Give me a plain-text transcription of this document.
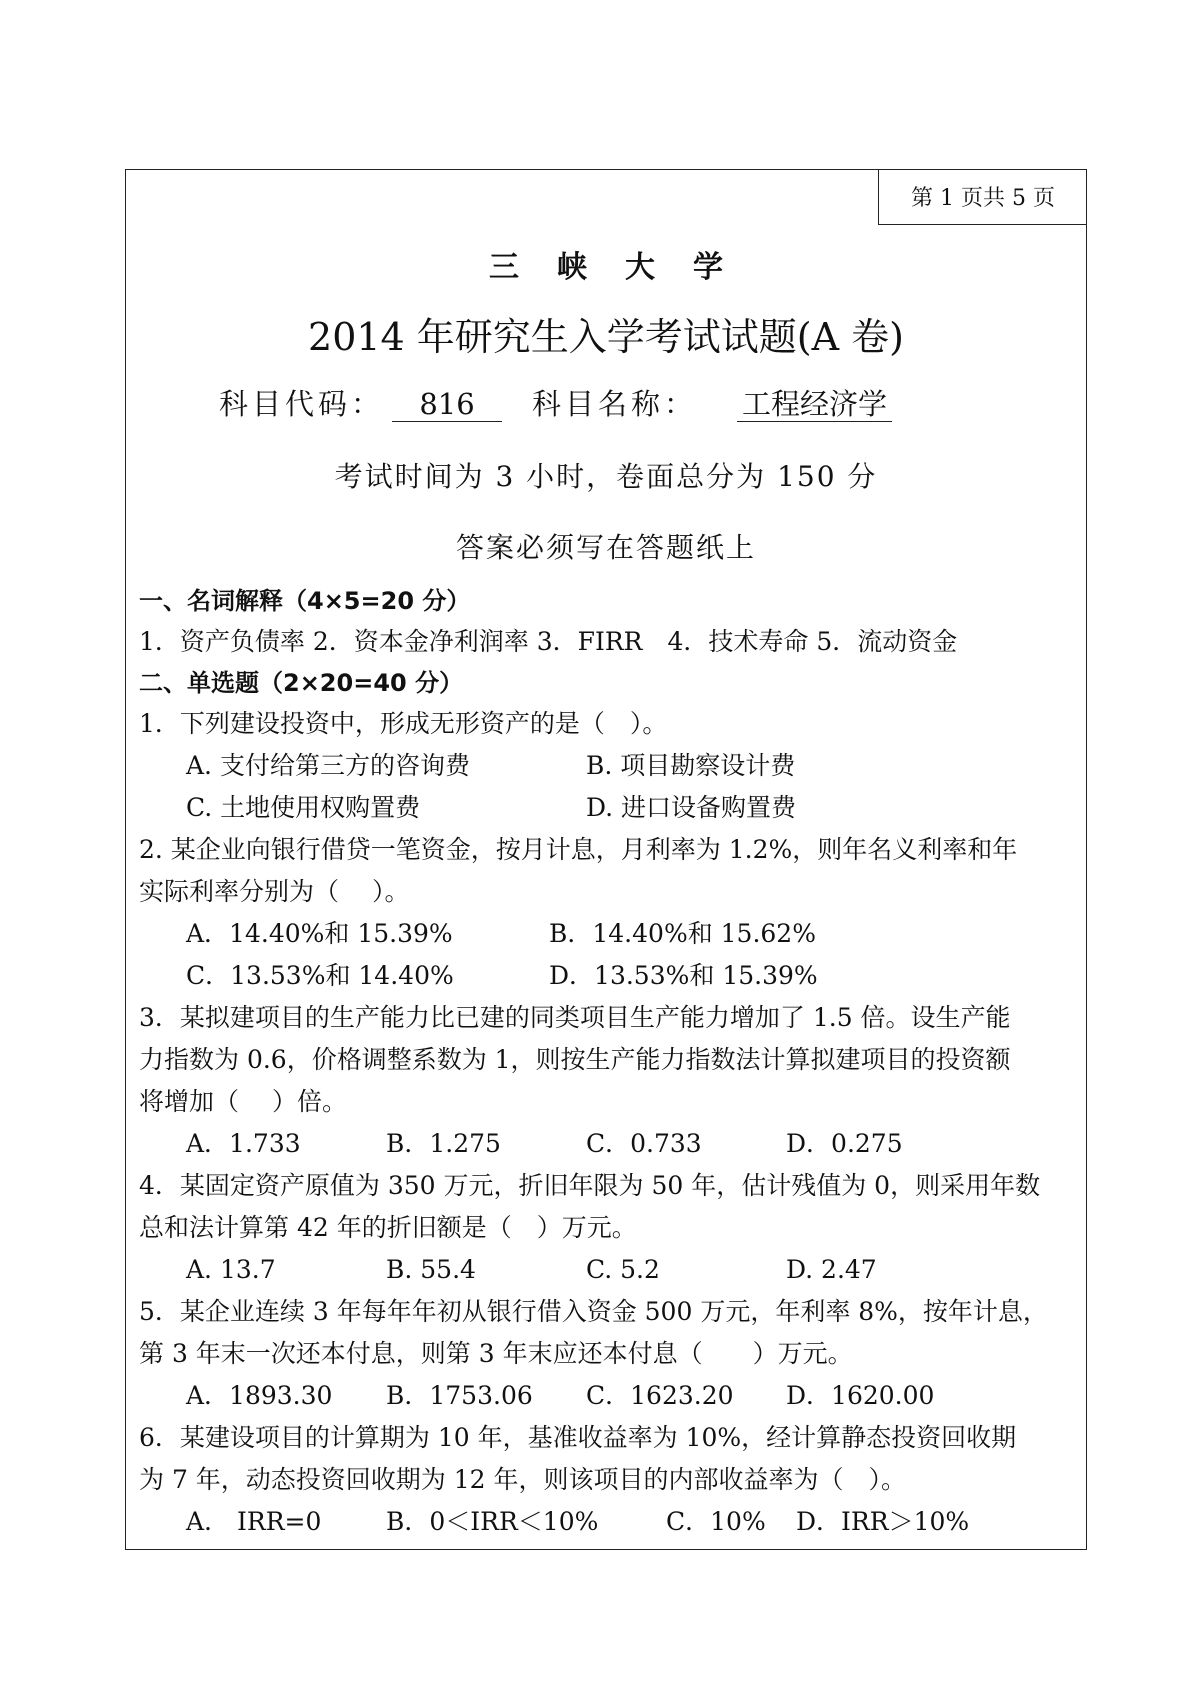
第 1 页共 5 页
三峡大学
2014 年研究生入学考试试题(A 卷)
科目代码： 816 科目名称： 工程经济学
考试时间为 3 小时，卷面总分为 150 分
答案必须写在答题纸上
一、名词解释（4×5=20 分）
1．资产负债率 2．资本金净利润率 3．FIRR　4．技术寿命 5．流动资金
二、单选题（2×20=40 分）
1．下列建设投资中，形成无形资产的是（　）。
A. 支付给第三方的咨询费	B. 项目勘察设计费
C. 土地使用权购置费	D. 进口设备购置费
2. 某企业向银行借贷一笔资金，按月计息，月利率为 1.2%，则年名义利率和年
实际利率分别为（　 ）。
A．14.40%和 15.39%	B．14.40%和 15.62%
C．13.53%和 14.40%	D．13.53%和 15.39%
3．某拟建项目的生产能力比已建的同类项目生产能力增加了 1.5 倍。设生产能
力指数为 0.6，价格调整系数为 1，则按生产能力指数法计算拟建项目的投资额
将增加（　 ）倍。
A．1.733	B．1.275	C．0.733	D．0.275
4．某固定资产原值为 350 万元，折旧年限为 50 年，估计残值为 0，则采用年数
总和法计算第 42 年的折旧额是（　）万元。
A. 13.7	B. 55.4	C. 5.2	D. 2.47
5．某企业连续 3 年每年年初从银行借入资金 500 万元，年利率 8%，按年计息，
第 3 年末一次还本付息，则第 3 年末应还本付息（　　）万元。
A．1893.30 B．1753.06 C．1623.20 D．1620.00
6．某建设项目的计算期为 10 年，基准收益率为 10%，经计算静态投资回收期
为 7 年，动态投资回收期为 12 年，则该项目的内部收益率为（　）。
A.　IRR=0	B．0＜IRR＜10%	C．10% D．IRR＞10%
